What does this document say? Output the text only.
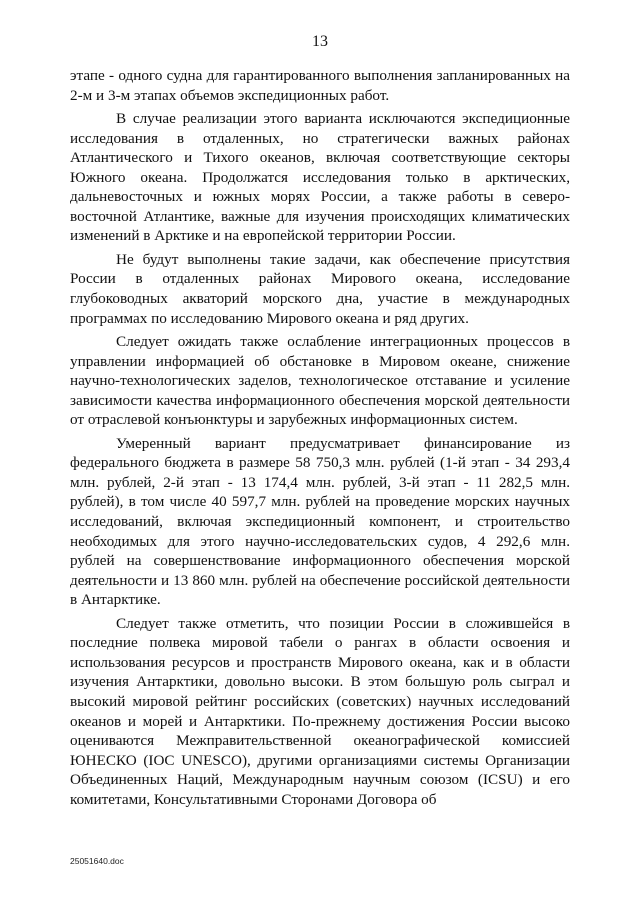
13

этапе - одного судна для гарантированного выполнения запланированных на 2-м и 3-м этапах объемов экспедиционных работ.

В случае реализации этого варианта исключаются экспедиционные исследования в отдаленных, но стратегически важных районах Атлантического и Тихого океанов, включая соответствующие секторы Южного океана. Продолжатся исследования только в арктических, дальневосточных и южных морях России, а также работы в северо-восточной Атлантике, важные для изучения происходящих климатических изменений в Арктике и на европейской территории России.

Не будут выполнены такие задачи, как обеспечение присутствия России в отдаленных районах Мирового океана, исследование глубоководных акваторий морского дна, участие в международных программах по исследованию Мирового океана и ряд других.

Следует ожидать также ослабление интеграционных процессов в управлении информацией об обстановке в Мировом океане, снижение научно-технологических заделов, технологическое отставание и усиление зависимости качества информационного обеспечения морской деятельности от отраслевой конъюнктуры и зарубежных информационных систем.

Умеренный вариант предусматривает финансирование из федерального бюджета в размере 58 750,3 млн. рублей (1-й этап - 34 293,4 млн. рублей, 2-й этап - 13 174,4 млн. рублей, 3-й этап - 11 282,5 млн. рублей), в том числе 40 597,7 млн. рублей на проведение морских научных исследований, включая экспедиционный компонент, и строительство необходимых для этого научно-исследовательских судов, 4 292,6 млн. рублей на совершенствование информационного обеспечения морской деятельности и 13 860 млн. рублей на обеспечение российской деятельности в Антарктике.

Следует также отметить, что позиции России в сложившейся в последние полвека мировой табели о рангах в области освоения и использования ресурсов и пространств Мирового океана, как и в области изучения Антарктики, довольно высоки. В этом большую роль сыграл и высокий мировой рейтинг российских (советских) научных исследований океанов и морей и Антарктики. По-прежнему достижения России высоко оцениваются Межправительственной океанографической комиссией ЮНЕСКО (IOC UNESCO), другими организациями системы Организации Объединенных Наций, Международным научным союзом (ICSU) и его комитетами, Консультативными Сторонами Договора об

25051640.doc
